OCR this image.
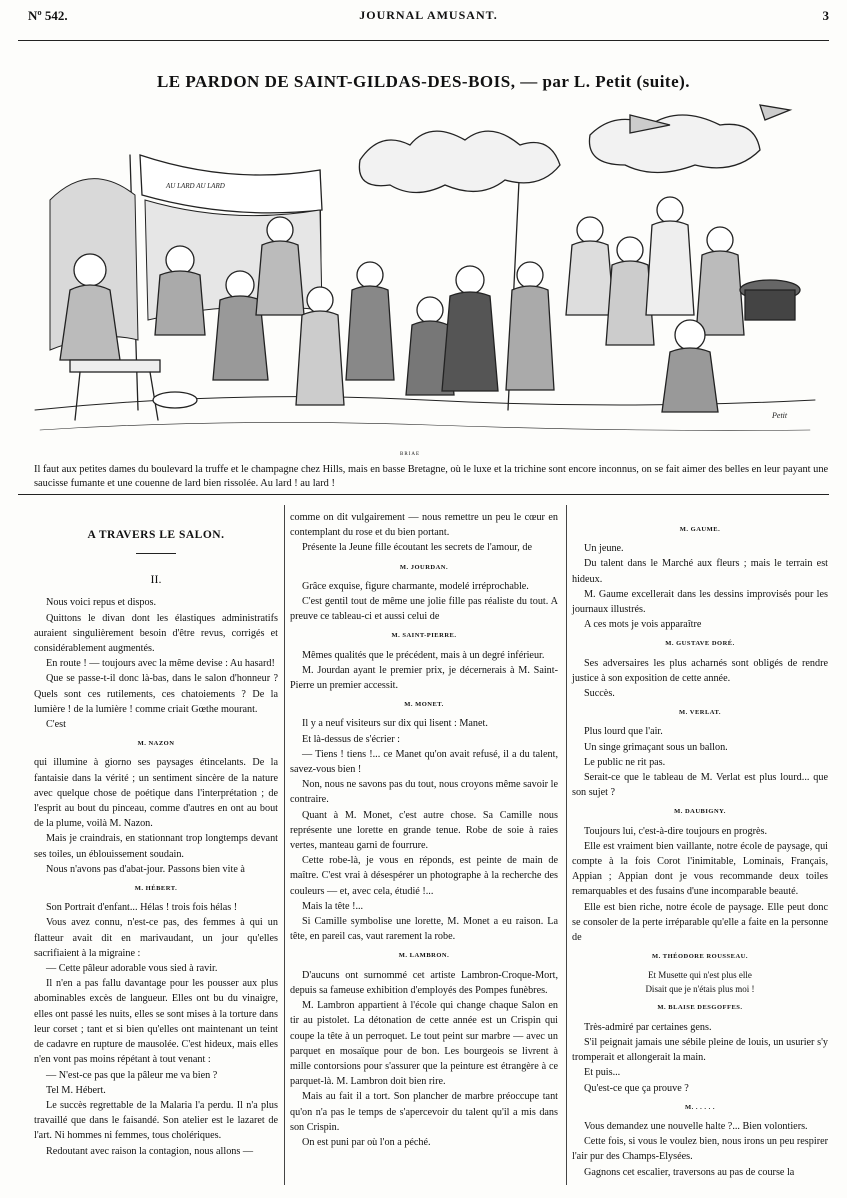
Nº 542.	JOURNAL AMUSANT.	3
LE PARDON DE SAINT-GILDAS-DES-BOIS, — par L. Petit (suite).
AU LARD AU LARD
Petit
BRIAE
Il faut aux petites dames du boulevard la truffe et le champagne chez Hills, mais en basse Bretagne, où le luxe et la trichine sont encore inconnus, on se fait aimer des belles en leur payant une saucisse fumante et une couenne de lard bien rissolée. Au lard ! au lard !

A TRAVERS LE SALON.

II.

Nous voici repus et dispos.

Quittons le divan dont les élastiques administratifs auraient singulièrement besoin d'être revus, corrigés et considérablement augmentés.

En route ! — toujours avec la même devise : Au hasard!

Que se passe-t-il donc là-bas, dans le salon d'honneur ? Quels sont ces rutilements, ces chatoiements ? De la lumière ! de la lumière ! comme criait Gœthe mourant.

C'est

M. NAZON

qui illumine à giorno ses paysages étincelants. De la fantaisie dans la vérité ; un sentiment sincère de la nature avec quelque chose de poétique dans l'interprétation ; de l'esprit au bout du pinceau, comme d'autres en ont au bout de la plume, voilà M. Nazon.

Mais je craindrais, en stationnant trop longtemps devant ses toiles, un éblouissement soudain.

Nous n'avons pas d'abat-jour. Passons bien vite à

M. HÉBERT.

Son Portrait d'enfant... Hélas ! trois fois hélas !

Vous avez connu, n'est-ce pas, des femmes à qui un flatteur avait dit en marivaudant, un jour qu'elles sacrifiaient à la migraine :

— Cette pâleur adorable vous sied à ravir.

Il n'en a pas fallu davantage pour les pousser aux plus abominables excès de langueur. Elles ont bu du vinaigre, elles ont passé les nuits, elles se sont mises à la torture dans leur corset ; tant et si bien qu'elles ont maintenant un teint de cadavre en rupture de mausolée. C'est hideux, mais elles n'en vont pas moins répétant à tout venant :

— N'est-ce pas que la pâleur me va bien ?

Tel M. Hébert.

Le succès regrettable de la Malaria l'a perdu. Il n'a plus travaillé que dans le faisandé. Son atelier est le lazaret de l'art. Ni hommes ni femmes, tous cholériques.

Redoutant avec raison la contagion, nous allons —

comme on dit vulgairement — nous remettre un peu le cœur en contemplant du rose et du bien portant.

Présente la Jeune fille écoutant les secrets de l'amour, de

M. JOURDAN.

Grâce exquise, figure charmante, modelé irréprochable.

C'est gentil tout de même une jolie fille pas réaliste du tout. A preuve ce tableau-ci et aussi celui de

M. SAINT-PIERRE.

Mêmes qualités que le précédent, mais à un degré inférieur.

M. Jourdan ayant le premier prix, je décernerais à M. Saint-Pierre un premier accessit.

M. MONET.

Il y a neuf visiteurs sur dix qui lisent : Manet.

Et là-dessus de s'écrier :

— Tiens ! tiens !... ce Manet qu'on avait refusé, il a du talent, savez-vous bien !

Non, nous ne savons pas du tout, nous croyons même savoir le contraire.

Quant à M. Monet, c'est autre chose. Sa Camille nous représente une lorette en grande tenue. Robe de soie à raies vertes, manteau garni de fourrure.

Cette robe-là, je vous en réponds, est peinte de main de maître. C'est vrai à désespérer un photographe à la recherche des couleurs — et, avec cela, étudié !...

Mais la tête !...

Si Camille symbolise une lorette, M. Monet a eu raison. La tête, en pareil cas, vaut rarement la robe.

M. LAMBRON.

D'aucuns ont surnommé cet artiste Lambron-Croque-Mort, depuis sa fameuse exhibition d'employés des Pompes funèbres.

M. Lambron appartient à l'école qui change chaque Salon en tir au pistolet. La détonation de cette année est un Crispin qui coupe la tête à un perroquet. Le tout peint sur marbre — avec un parquet en mosaïque pour de bon. Les bourgeois se livrent à mille contorsions pour s'assurer que la peinture est étrangère à ce parquet-là. M. Lambron doit bien rire.

Mais au fait il a tort. Son plancher de marbre préoccupe tant qu'on n'a pas le temps de s'apercevoir du talent qu'il a mis dans son Crispin.

On est puni par où l'on a péché.

M. GAUME.

Un jeune.

Du talent dans le Marché aux fleurs ; mais le terrain est hideux.

M. Gaume excellerait dans les dessins improvisés pour les journaux illustrés.

A ces mots je vois apparaître

M. GUSTAVE DORÉ.

Ses adversaires les plus acharnés sont obligés de rendre justice à son exposition de cette année.

Succès.

M. VERLAT.

Plus lourd que l'air.

Un singe grimaçant sous un ballon.

Le public ne rit pas.

Serait-ce que le tableau de M. Verlat est plus lourd... que son sujet ?

M. DAUBIGNY.

Toujours lui, c'est-à-dire toujours en progrès.

Elle est vraiment bien vaillante, notre école de paysage, qui compte à la fois Corot l'inimitable, Lominais, Français, Appian ; Appian dont je vous recommande deux toiles remarquables et des fusains d'une incomparable beauté.

Elle est bien riche, notre école de paysage. Elle peut donc se consoler de la perte irréparable qu'elle a faite en la personne de

M. THÉODORE ROUSSEAU.

Et Musette qui n'est plus elle

Disait que je n'étais plus moi !

M. BLAISE DESGOFFES.

Très-admiré par certaines gens.

S'il peignait jamais une sébile pleine de louis, un usurier s'y tromperait et allongerait la main.

Et puis...

Qu'est-ce que ça prouve ?

M. . . . . .

Vous demandez une nouvelle halte ?... Bien volontiers.

Cette fois, si vous le voulez bien, nous irons un peu respirer l'air pur des Champs-Elysées.

Gagnons cet escalier, traversons au pas de course la
